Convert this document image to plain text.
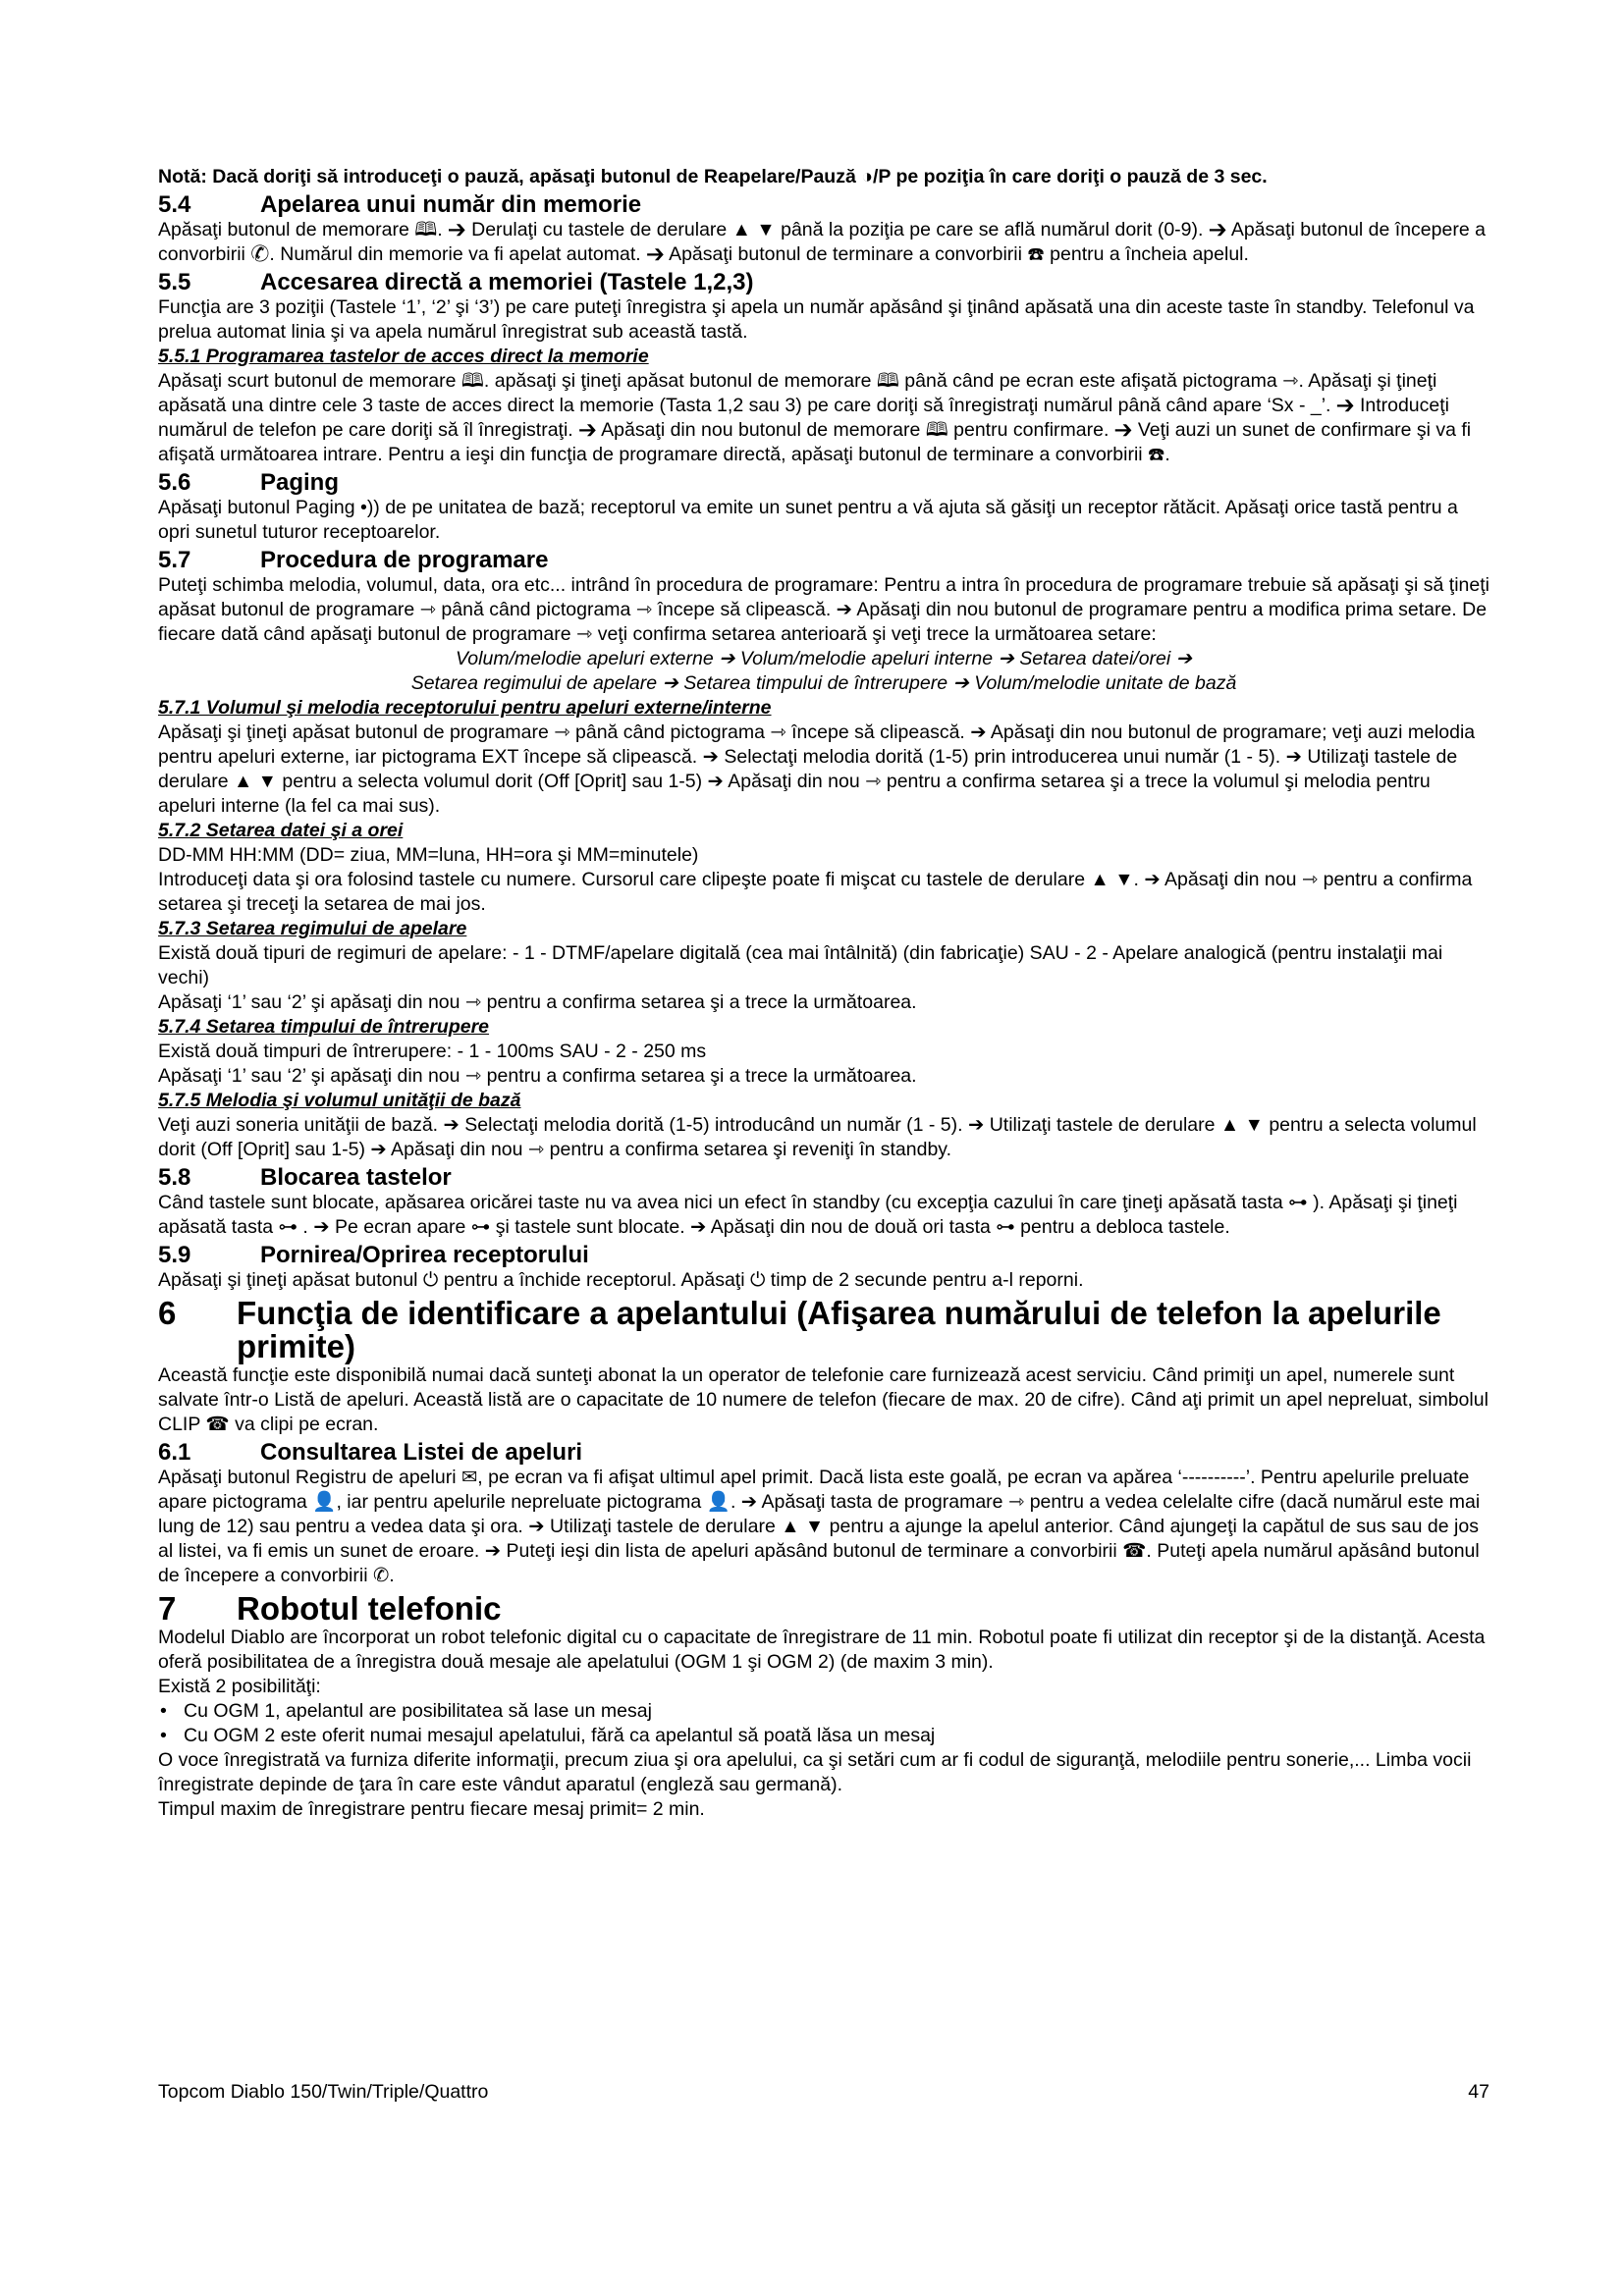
Notă: Dacă doriţi să introduceţi o pauză, apăsaţi butonul de Reapelare/Pauză ◑/P pe poziţia în care doriţi o pauză de 3 sec.

5.4	Apelarea unui număr din memorie

Apăsaţi butonul de memorare 🕮. ➔ Derulaţi cu tastele de derulare ▲ ▼ până la poziţia pe care se află numărul dorit (0-9). ➔ Apăsaţi butonul de începere a convorbirii ✆. Numărul din memorie va fi apelat automat. ➔ Apăsaţi butonul de terminare a convorbirii ☎ pentru a încheia apelul.

5.5	Accesarea directă a memoriei (Tastele 1,2,3)

Funcţia are 3 poziţii (Tastele ‘1’, ‘2’ şi ‘3’) pe care puteţi înregistra şi apela un număr apăsând şi ţinând apăsată una din aceste taste în standby. Telefonul va prelua automat linia şi va apela numărul înregistrat sub această tastă.

5.5.1 Programarea tastelor de acces direct la memorie

Apăsaţi scurt butonul de memorare 🕮. apăsaţi şi ţineţi apăsat butonul de memorare 🕮 până când pe ecran este afişată pictograma ⇾. Apăsaţi şi ţineţi apăsată una dintre cele 3 taste de acces direct la memorie (Tasta 1,2 sau 3) pe care doriţi să înregistraţi numărul până când apare ‘Sx - _’. ➔ Introduceţi numărul de telefon pe care doriţi să îl înregistraţi. ➔ Apăsaţi din nou butonul de memorare 🕮 pentru confirmare. ➔ Veţi auzi un sunet de confirmare şi va fi afişată următoarea intrare. Pentru a ieşi din funcţia de programare directă, apăsaţi butonul de terminare a convorbirii ☎.

5.6	Paging

Apăsaţi butonul Paging •)) de pe unitatea de bază; receptorul va emite un sunet pentru a vă ajuta să găsiţi un receptor rătăcit. Apăsaţi orice tastă pentru a opri sunetul tuturor receptoarelor.

5.7	Procedura de programare

Puteţi schimba melodia, volumul, data, ora etc... intrând în procedura de programare: Pentru a intra în procedura de programare trebuie să apăsaţi şi să ţineţi apăsat butonul de programare ⇾ până când pictograma ⇾ începe să clipească. ➔ Apăsaţi din nou butonul de programare pentru a modifica prima setare. De fiecare dată când apăsaţi butonul de programare ⇾ veţi confirma setarea anterioară şi veţi trece la următoarea setare:

Volum/melodie apeluri externe ➔ Volum/melodie apeluri interne ➔ Setarea datei/orei ➔

Setarea regimului de apelare ➔ Setarea timpului de întrerupere ➔ Volum/melodie unitate de bază

5.7.1 Volumul şi melodia receptorului pentru apeluri externe/interne

Apăsaţi şi ţineţi apăsat butonul de programare ⇾ până când pictograma ⇾ începe să clipească. ➔ Apăsaţi din nou butonul de programare; veţi auzi melodia pentru apeluri externe, iar pictograma EXT începe să clipească. ➔ Selectaţi melodia dorită (1-5) prin introducerea unui număr (1 - 5). ➔ Utilizaţi tastele de derulare ▲ ▼ pentru a selecta volumul dorit (Off [Oprit] sau 1-5) ➔ Apăsaţi din nou ⇾ pentru a confirma setarea şi a trece la volumul şi melodia pentru apeluri interne (la fel ca mai sus).

5.7.2 Setarea datei şi a orei

DD-MM HH:MM (DD= ziua, MM=luna, HH=ora şi MM=minutele)

Introduceţi data şi ora folosind tastele cu numere. Cursorul care clipeşte poate fi mişcat cu tastele de derulare ▲ ▼. ➔ Apăsaţi din nou ⇾ pentru a confirma setarea şi treceţi la setarea de mai jos.

5.7.3 Setarea regimului de apelare

Există două tipuri de regimuri de apelare: - 1 - DTMF/apelare digitală (cea mai întâlnită) (din fabricaţie) SAU - 2 - Apelare analogică (pentru instalaţii mai vechi)

Apăsaţi ‘1’ sau ‘2’ şi apăsaţi din nou ⇾ pentru a confirma setarea şi a trece la următoarea.

5.7.4 Setarea timpului de întrerupere

Există două timpuri de întrerupere: - 1 - 100ms SAU - 2 - 250 ms

Apăsaţi ‘1’ sau ‘2’ şi apăsaţi din nou ⇾ pentru a confirma setarea şi a trece la următoarea.

5.7.5 Melodia şi volumul unităţii de bază

Veţi auzi soneria unităţii de bază. ➔ Selectaţi melodia dorită (1-5) introducând un număr (1 - 5). ➔ Utilizaţi tastele de derulare ▲ ▼ pentru a selecta volumul dorit (Off [Oprit] sau 1-5) ➔ Apăsaţi din nou ⇾ pentru a confirma setarea şi reveniţi în standby.

5.8	Blocarea tastelor

Când tastele sunt blocate, apăsarea oricărei taste nu va avea nici un efect în standby (cu excepţia cazului în care ţineţi apăsată tasta ⊶ ). Apăsaţi şi ţineţi apăsată tasta ⊶ . ➔ Pe ecran apare ⊶ şi tastele sunt blocate. ➔ Apăsaţi din nou de două ori tasta ⊶ pentru a debloca tastele.

5.9	Pornirea/Oprirea receptorului

Apăsaţi şi ţineţi apăsat butonul ⏻ pentru a închide receptorul. Apăsaţi ⏻ timp de 2 secunde pentru a-l reporni.

6	Funcţia de identificare a apelantului (Afişarea numărului de telefon la apelurile primite)

Această funcţie este disponibilă numai dacă sunteţi abonat la un operator de telefonie care furnizează acest serviciu. Când primiţi un apel, numerele sunt salvate într-o Listă de apeluri. Această listă are o capacitate de 10 numere de telefon (fiecare de max. 20 de cifre). Când aţi primit un apel nepreluat, simbolul CLIP ☎ va clipi pe ecran.

6.1	Consultarea Listei de apeluri

Apăsaţi butonul Registru de apeluri ✉, pe ecran va fi afişat ultimul apel primit. Dacă lista este goală, pe ecran va apărea ‘----------’. Pentru apelurile preluate apare pictograma 👤, iar pentru apelurile nepreluate pictograma 👤. ➔ Apăsaţi tasta de programare ⇾ pentru a vedea celelalte cifre (dacă numărul este mai lung de 12) sau pentru a vedea data şi ora. ➔ Utilizaţi tastele de derulare ▲ ▼ pentru a ajunge la apelul anterior. Când ajungeţi la capătul de sus sau de jos al listei, va fi emis un sunet de eroare. ➔ Puteţi ieşi din lista de apeluri apăsând butonul de terminare a convorbirii ☎. Puteţi apela numărul apăsând butonul de începere a convorbirii ✆.

7	Robotul telefonic

Modelul Diablo are încorporat un robot telefonic digital cu o capacitate de înregistrare de 11 min. Robotul poate fi utilizat din receptor şi de la distanţă. Acesta oferă posibilitatea de a înregistra două mesaje ale apelatului (OGM 1 şi OGM 2) (de maxim 3 min).

Există 2 posibilităţi:

• Cu OGM 1, apelantul are posibilitatea să lase un mesaj
• Cu OGM 2 este oferit numai mesajul apelatului, fără ca apelantul să poată lăsa un mesaj

O voce înregistrată va furniza diferite informaţii, precum ziua şi ora apelului, ca şi setări cum ar fi codul de siguranţă, melodiile pentru sonerie,... Limba vocii înregistrate depinde de ţara în care este vândut aparatul (engleză sau germană).

Timpul maxim de înregistrare pentru fiecare mesaj primit= 2 min.

Topcom Diablo 150/Twin/Triple/Quattro	47
